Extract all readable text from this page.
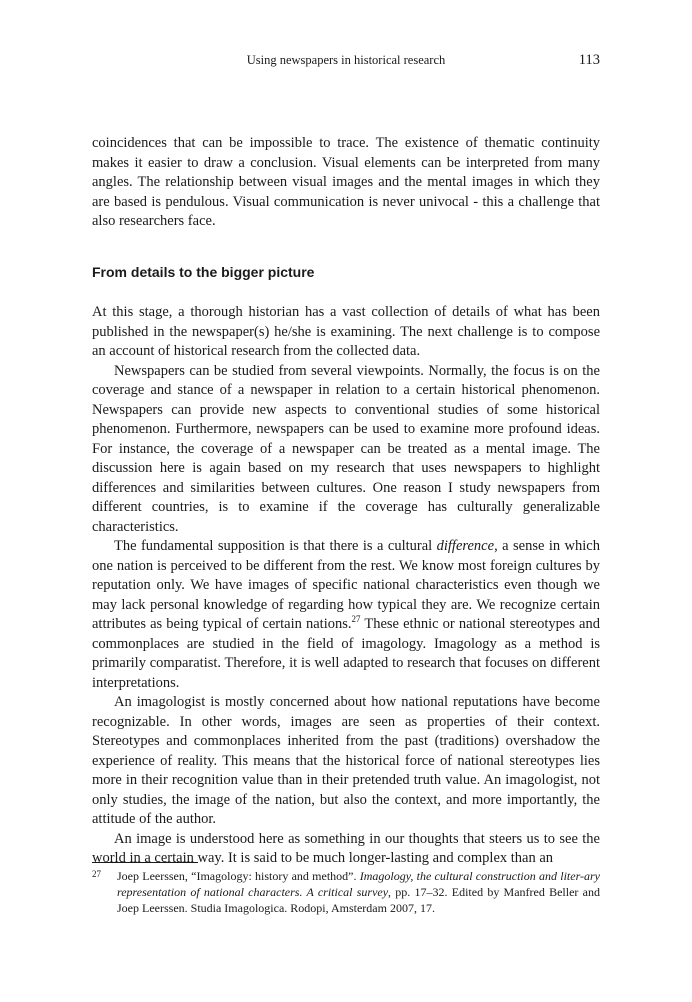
Using newspapers in historical research	113

coincidences that can be impossible to trace. The existence of thematic continuity makes it easier to draw a conclusion. Visual elements can be interpreted from many angles. The relationship between visual images and the mental images in which they are based is pendulous. Visual communication is never univocal - this a challenge that also researchers face.

From details to the bigger picture

At this stage, a thorough historian has a vast collection of details of what has been published in the newspaper(s) he/she is examining. The next challenge is to compose an account of historical research from the collected data.

Newspapers can be studied from several viewpoints. Normally, the focus is on the coverage and stance of a newspaper in relation to a certain historical phenomenon. Newspapers can provide new aspects to conventional studies of some historical phenomenon. Furthermore, newspapers can be used to examine more profound ideas. For instance, the coverage of a newspaper can be treated as a mental image. The discussion here is again based on my research that uses newspapers to highlight differences and similarities between cultures. One reason I study newspapers from different countries, is to examine if the coverage has culturally generalizable characteristics.

The fundamental supposition is that there is a cultural difference, a sense in which one nation is perceived to be different from the rest. We know most foreign cultures by reputation only. We have images of specific national characteristics even though we may lack personal knowledge of regarding how typical they are. We recognize certain attributes as being typical of certain nations.$^{27}$ These ethnic or national stereotypes and commonplaces are studied in the field of imagology. Imagology as a method is primarily comparatist. Therefore, it is well adapted to research that focuses on different interpretations.

An imagologist is mostly concerned about how national reputations have become recognizable. In other words, images are seen as properties of their context. Stereotypes and commonplaces inherited from the past (traditions) overshadow the experience of reality. This means that the historical force of national stereotypes lies more in their recognition value than in their pretended truth value. An imagologist, not only studies, the image of the nation, but also the context, and more importantly, the attitude of the author.

An image is understood here as something in our thoughts that steers us to see the world in a certain way. It is said to be much longer-lasting and complex than an

27 Joep Leerssen, “Imagology: history and method”. Imagology, the cultural construction and liter-ary representation of national characters. A critical survey, pp. 17–32. Edited by Manfred Beller and Joep Leerssen. Studia Imagologica. Rodopi, Amsterdam 2007, 17.
